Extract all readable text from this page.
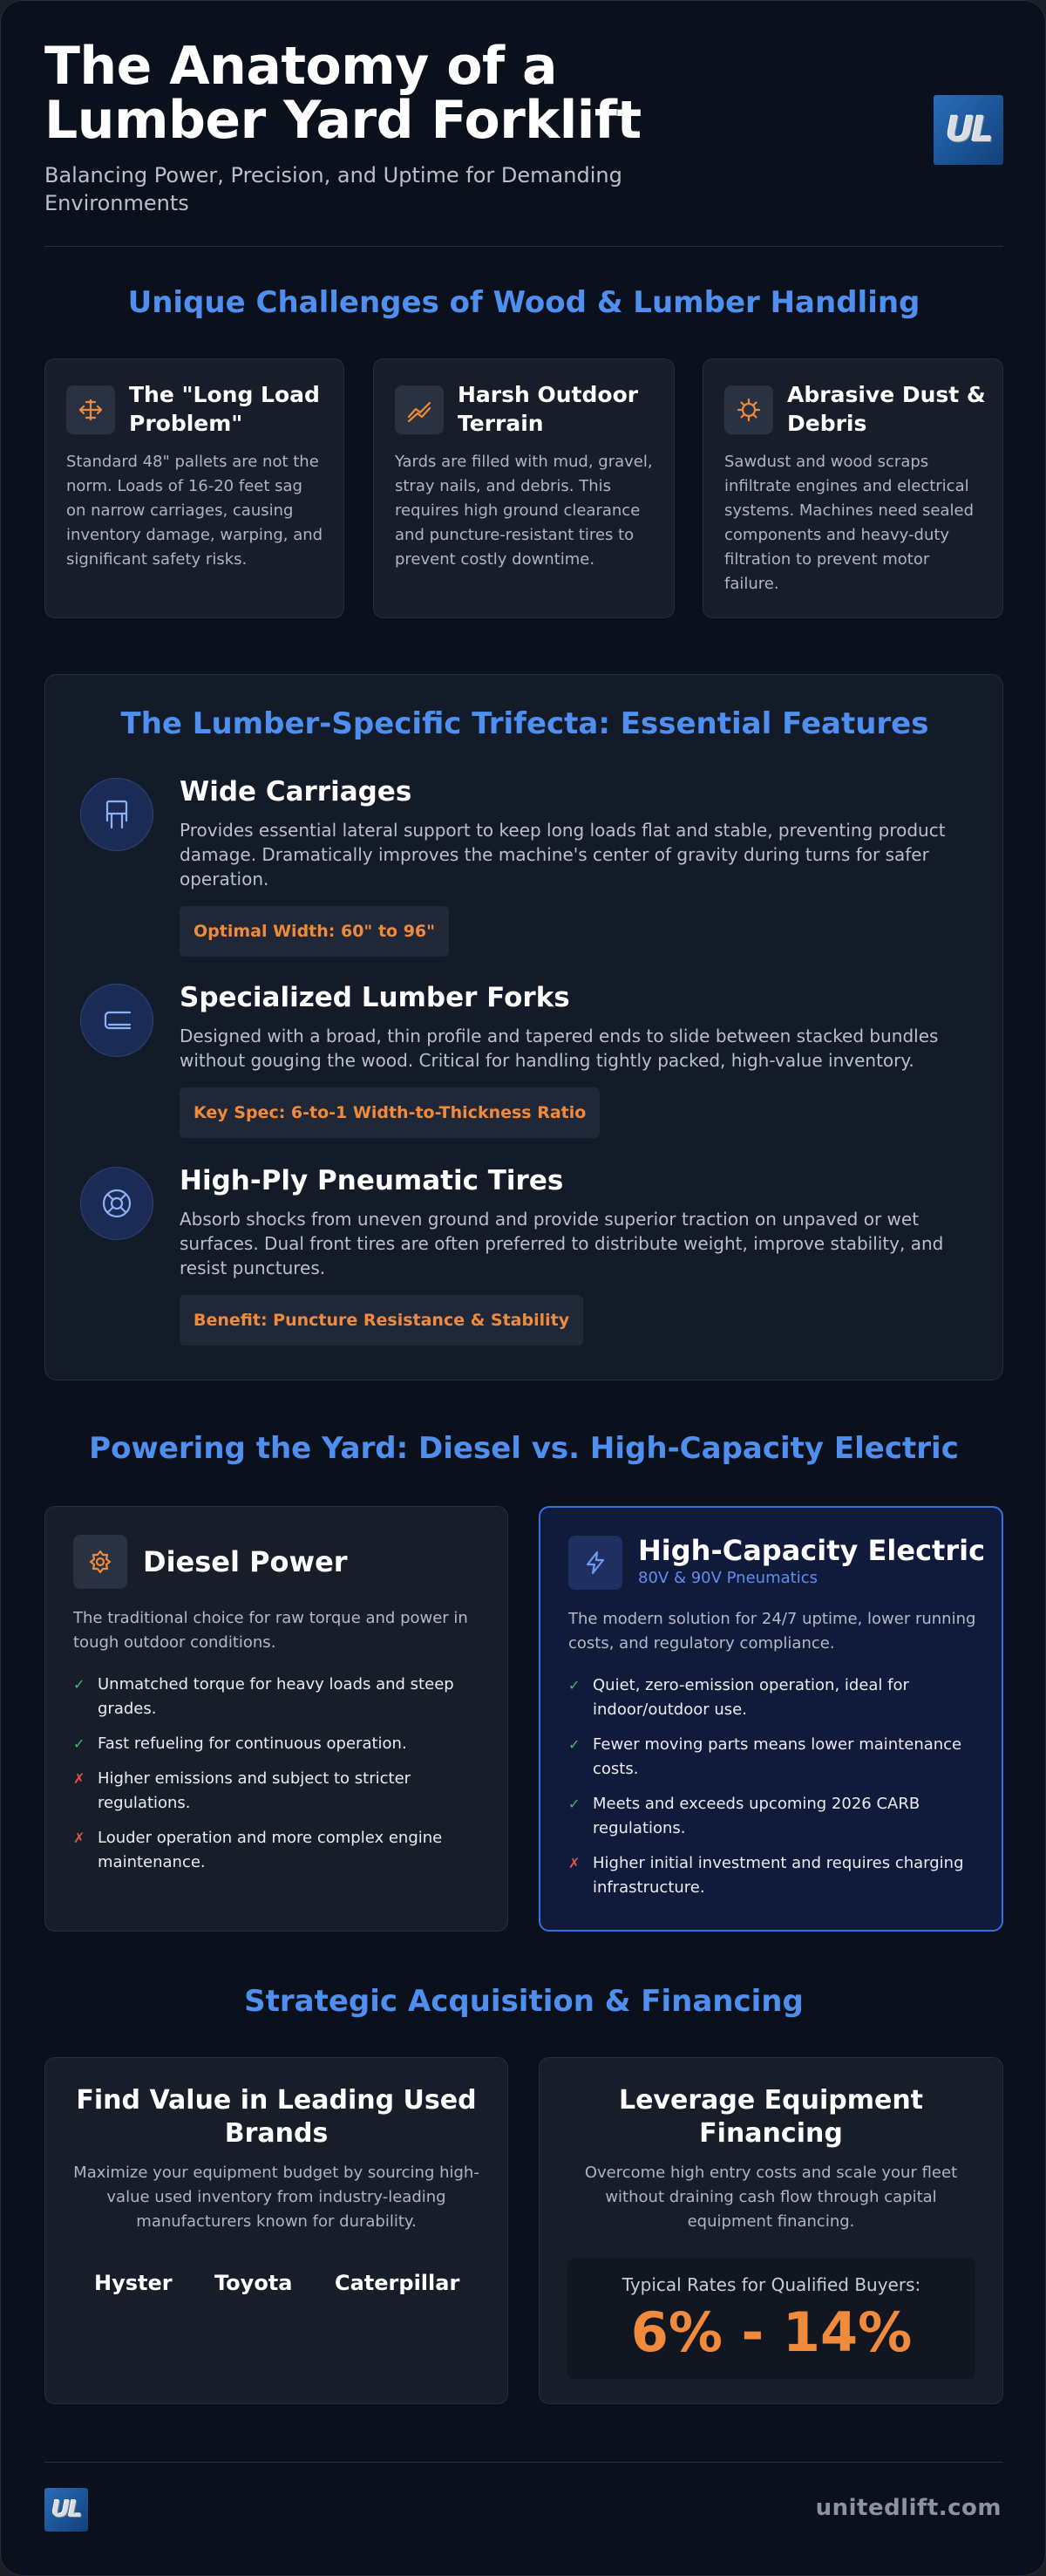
The Anatomy of a
Lumber Yard Forklift
Balancing Power, Precision, and Uptime for Demanding Environments
UL
Unique Challenges of Wood & Lumber Handling
The "Long Load Problem"
Standard 48" pallets are not the norm. Loads of 16-20 feet sag on narrow carriages, causing inventory damage, warping, and significant safety risks.
Harsh Outdoor Terrain
Yards are filled with mud, gravel, stray nails, and debris. This requires high ground clearance and puncture-resistant tires to prevent costly downtime.
Abrasive Dust & Debris
Sawdust and wood scraps infiltrate engines and electrical systems. Machines need sealed components and heavy-duty filtration to prevent motor failure.
The Lumber-Specific Trifecta: Essential Features
Wide Carriages
Provides essential lateral support to keep long loads flat and stable, preventing product damage. Dramatically improves the machine's center of gravity during turns for safer operation.
Optimal Width: 60" to 96"
Specialized Lumber Forks
Designed with a broad, thin profile and tapered ends to slide between stacked bundles without gouging the wood. Critical for handling tightly packed, high-value inventory.
Key Spec: 6-to-1 Width-to-Thickness Ratio
High-Ply Pneumatic Tires
Absorb shocks from uneven ground and provide superior traction on unpaved or wet surfaces. Dual front tires are often preferred to distribute weight, improve stability, and resist punctures.
Benefit: Puncture Resistance & Stability
Powering the Yard: Diesel vs. High-Capacity Electric
Diesel Power
The traditional choice for raw torque and power in tough outdoor conditions.
✓ Unmatched torque for heavy loads and steep grades.
✓ Fast refueling for continuous operation.
✗ Higher emissions and subject to stricter regulations.
✗ Louder operation and more complex engine maintenance.
High-Capacity Electric
80V & 90V Pneumatics
The modern solution for 24/7 uptime, lower running costs, and regulatory compliance.
✓ Quiet, zero-emission operation, ideal for indoor/outdoor use.
✓ Fewer moving parts means lower maintenance costs.
✓ Meets and exceeds upcoming 2026 CARB regulations.
✗ Higher initial investment and requires charging infrastructure.
Strategic Acquisition & Financing
Find Value in Leading Used Brands
Maximize your equipment budget by sourcing high-value used inventory from industry-leading manufacturers known for durability.
Hyster Toyota Caterpillar
Leverage Equipment Financing
Overcome high entry costs and scale your fleet without draining cash flow through capital equipment financing.
Typical Rates for Qualified Buyers:
6% - 14%
UL	unitedlift.com
